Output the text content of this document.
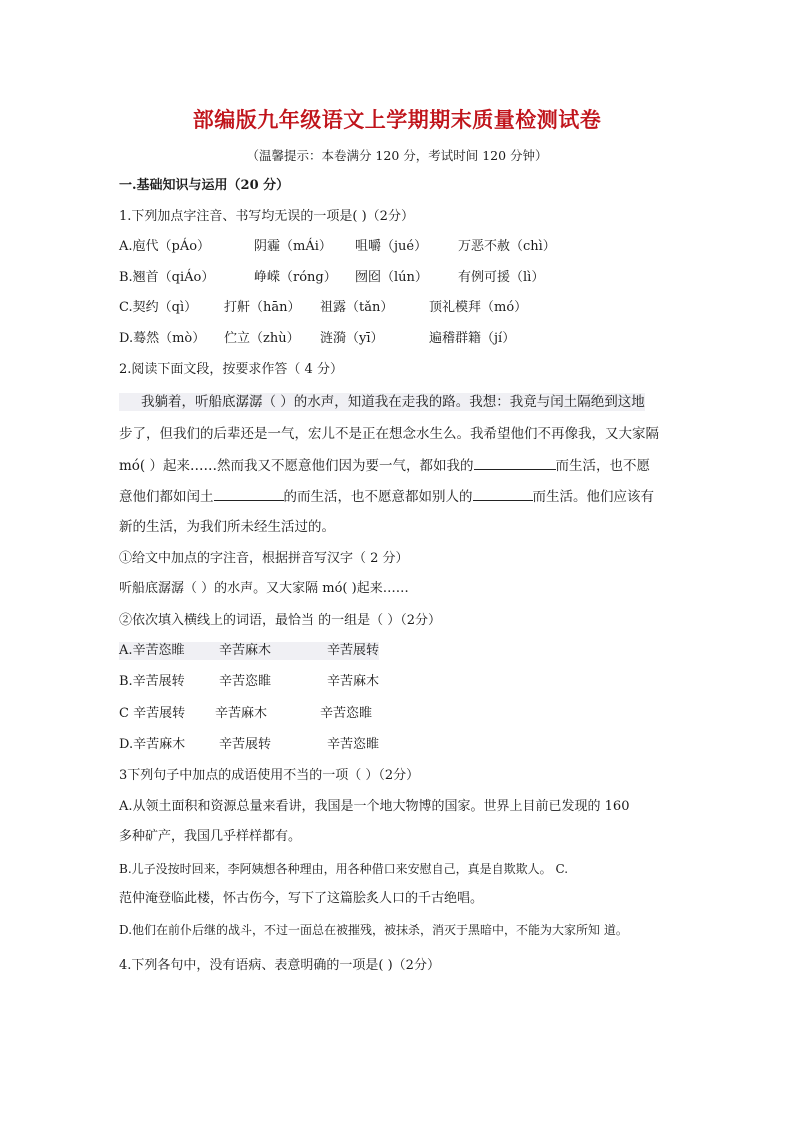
部编版九年级语文上学期期末质量检测试卷
（温馨提示：本卷满分 120 分，考试时间 120 分钟）
一.基础知识与运用（20 分）
1.下列加点字注音、书写均无误的一项是( )（2分）
A.庖代（pÁo）	阴霾（mÁi） 咀嚼（jué） 万恶不赦（chì）
B.翘首（qiÁo）	峥嵘（róng） 囫囵（lún） 有例可援（lì）
C.契约（qì） 打鼾（hān） 祖露（tǎn）	顶礼模拜（mó）
D.蓦然（mò） 伫立（zhù） 涟漪（yī）	遍稽群籍（jí）
2.阅读下面文段，按要求作答（ 4 分）
我躺着，听船底潺潺（ ）的水声，知道我在走我的路。我想：我竟与闰土隔绝到这地
步了，但我们的后辈还是一气，宏儿不是正在想念水生么。我希望他们不再像我，又大家隔
mó( ）起来……然而我又不愿意他们因为要一气，都如我的	而生活，也不愿
意他们都如闰土	的而生活，也不愿意都如别人的	而生活。他们应该有
新的生活，为我们所未经生活过的。
①给文中加点的字注音，根据拼音写汉字（ 2 分）
听船底潺潺（ ）的水声。又大家隔 mó( )起来……
②依次填入横线上的词语，最恰当 的一组是（ ）（2分）
A.辛苦恣睢	辛苦麻木	辛苦展转
B.辛苦展转	辛苦恣睢	辛苦麻木
C 辛苦展转 辛苦麻木	辛苦恣睢
D.辛苦麻木	辛苦展转	辛苦恣睢
3下列句子中加点的成语使用不当的一项（ ）（2分）
A.从领土面积和资源总量来看讲，我国是一个地大物博的国家。世界上目前已发现的 160
多种矿产，我国几乎样样都有。
B.儿子没按时回来，李阿姨想各种理由，用各种借口来安慰自己，真是自欺欺人。 C.
范仲淹登临此楼，怀古伤今，写下了这篇脍炙人口的千古绝唱。
D.他们在前仆后继的战斗，不过一面总在被摧残，被抹杀，消灭于黑暗中，不能为大家所知 道。
4.下列各句中，没有语病、表意明确的一项是( )（2分）
